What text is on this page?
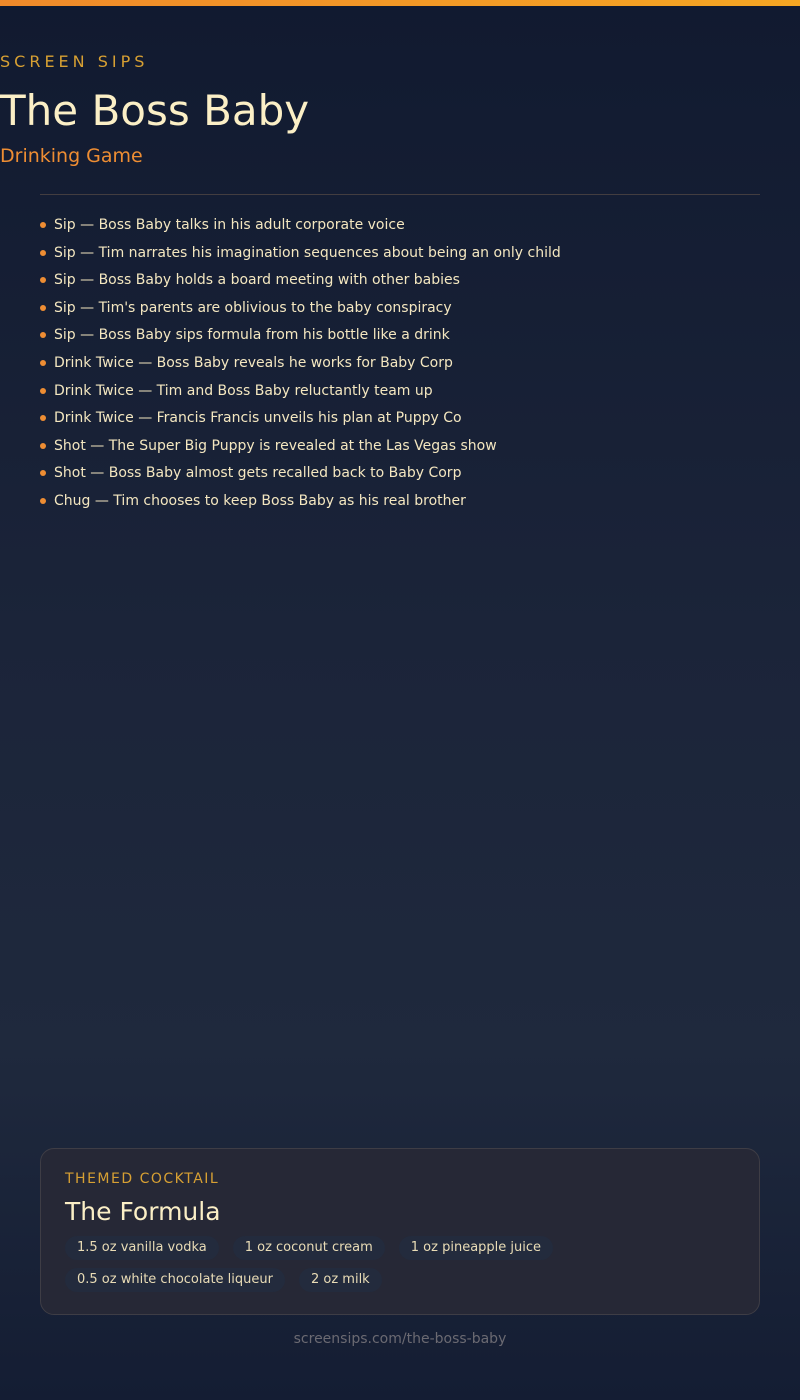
SCREEN SIPS
The Boss Baby
Drinking Game
Sip — Boss Baby talks in his adult corporate voice
Sip — Tim narrates his imagination sequences about being an only child
Sip — Boss Baby holds a board meeting with other babies
Sip — Tim's parents are oblivious to the baby conspiracy
Sip — Boss Baby sips formula from his bottle like a drink
Drink Twice — Boss Baby reveals he works for Baby Corp
Drink Twice — Tim and Boss Baby reluctantly team up
Drink Twice — Francis Francis unveils his plan at Puppy Co
Shot — The Super Big Puppy is revealed at the Las Vegas show
Shot — Boss Baby almost gets recalled back to Baby Corp
Chug — Tim chooses to keep Boss Baby as his real brother
THEMED COCKTAIL
The Formula
1.5 oz vanilla vodka	1 oz coconut cream	1 oz pineapple juice
0.5 oz white chocolate liqueur	2 oz milk
screensips.com/the-boss-baby
